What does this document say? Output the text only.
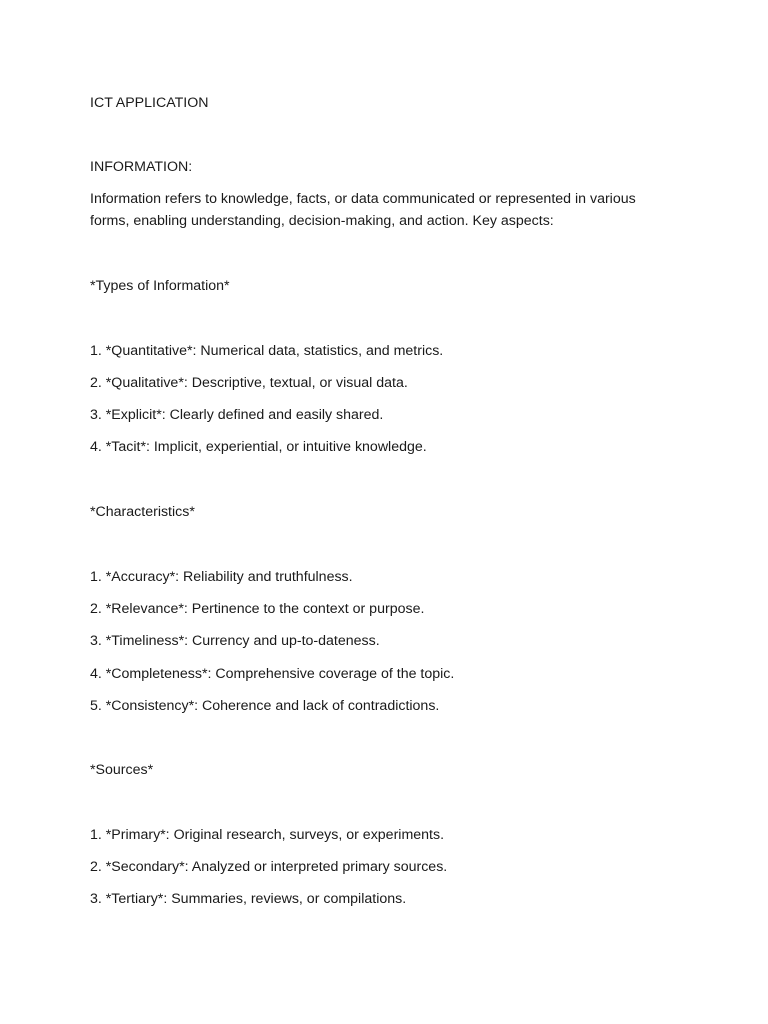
ICT APPLICATION
INFORMATION:
Information refers to knowledge, facts, or data communicated or represented in various
forms, enabling understanding, decision-making, and action. Key aspects:
*Types of Information*
1. *Quantitative*: Numerical data, statistics, and metrics.
2. *Qualitative*: Descriptive, textual, or visual data.
3. *Explicit*: Clearly defined and easily shared.
4. *Tacit*: Implicit, experiential, or intuitive knowledge.
*Characteristics*
1. *Accuracy*: Reliability and truthfulness.
2. *Relevance*: Pertinence to the context or purpose.
3. *Timeliness*: Currency and up-to-dateness.
4. *Completeness*: Comprehensive coverage of the topic.
5. *Consistency*: Coherence and lack of contradictions.
*Sources*
1. *Primary*: Original research, surveys, or experiments.
2. *Secondary*: Analyzed or interpreted primary sources.
3. *Tertiary*: Summaries, reviews, or compilations.
